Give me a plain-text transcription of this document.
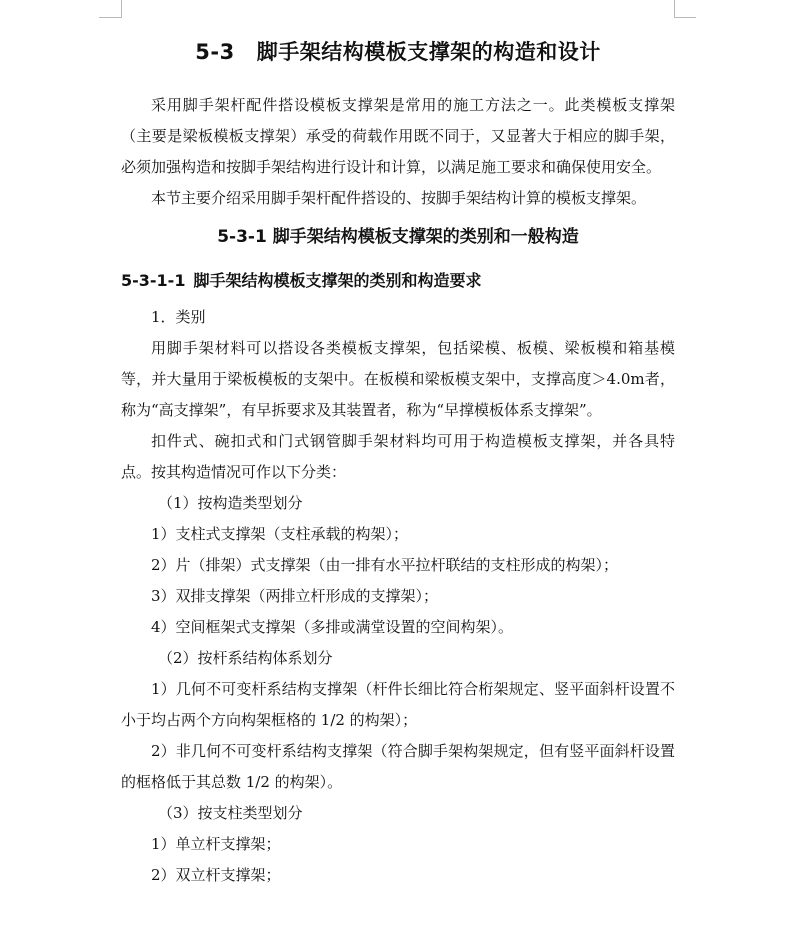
5-3 脚手架结构模板支撑架的构造和设计

采用脚手架杆配件搭设模板支撑架是常用的施工方法之一。此类模板支撑架（主要是梁板模板支撑架）承受的荷载作用既不同于，又显著大于相应的脚手架，必须加强构造和按脚手架结构进行设计和计算，以满足施工要求和确保使用安全。

本节主要介绍采用脚手架杆配件搭设的、按脚手架结构计算的模板支撑架。

5-3-1 脚手架结构模板支撑架的类别和一般构造
5-3-1-1 脚手架结构模板支撑架的类别和构造要求

1．类别

用脚手架材料可以搭设各类模板支撑架，包括梁模、板模、梁板模和箱基模等，并大量用于梁板模板的支架中。在板模和梁板模支架中，支撑高度＞4.0m者，称为“高支撑架”，有早拆要求及其装置者，称为“早撑模板体系支撑架”。

扣件式、碗扣式和门式钢管脚手架材料均可用于构造模板支撑架，并各具特点。按其构造情况可作以下分类：

（1）按构造类型划分

1）支柱式支撑架（支柱承载的构架）；

2）片（排架）式支撑架（由一排有水平拉杆联结的支柱形成的构架）；

3）双排支撑架（两排立杆形成的支撑架）；

4）空间框架式支撑架（多排或满堂设置的空间构架）。

（2）按杆系结构体系划分

1）几何不可变杆系结构支撑架（杆件长细比符合桁架规定、竖平面斜杆设置不小于均占两个方向构架框格的 1/2 的构架）；

2）非几何不可变杆系结构支撑架（符合脚手架构架规定，但有竖平面斜杆设置的框格低于其总数 1/2 的构架）。

（3）按支柱类型划分

1）单立杆支撑架；

2）双立杆支撑架；
